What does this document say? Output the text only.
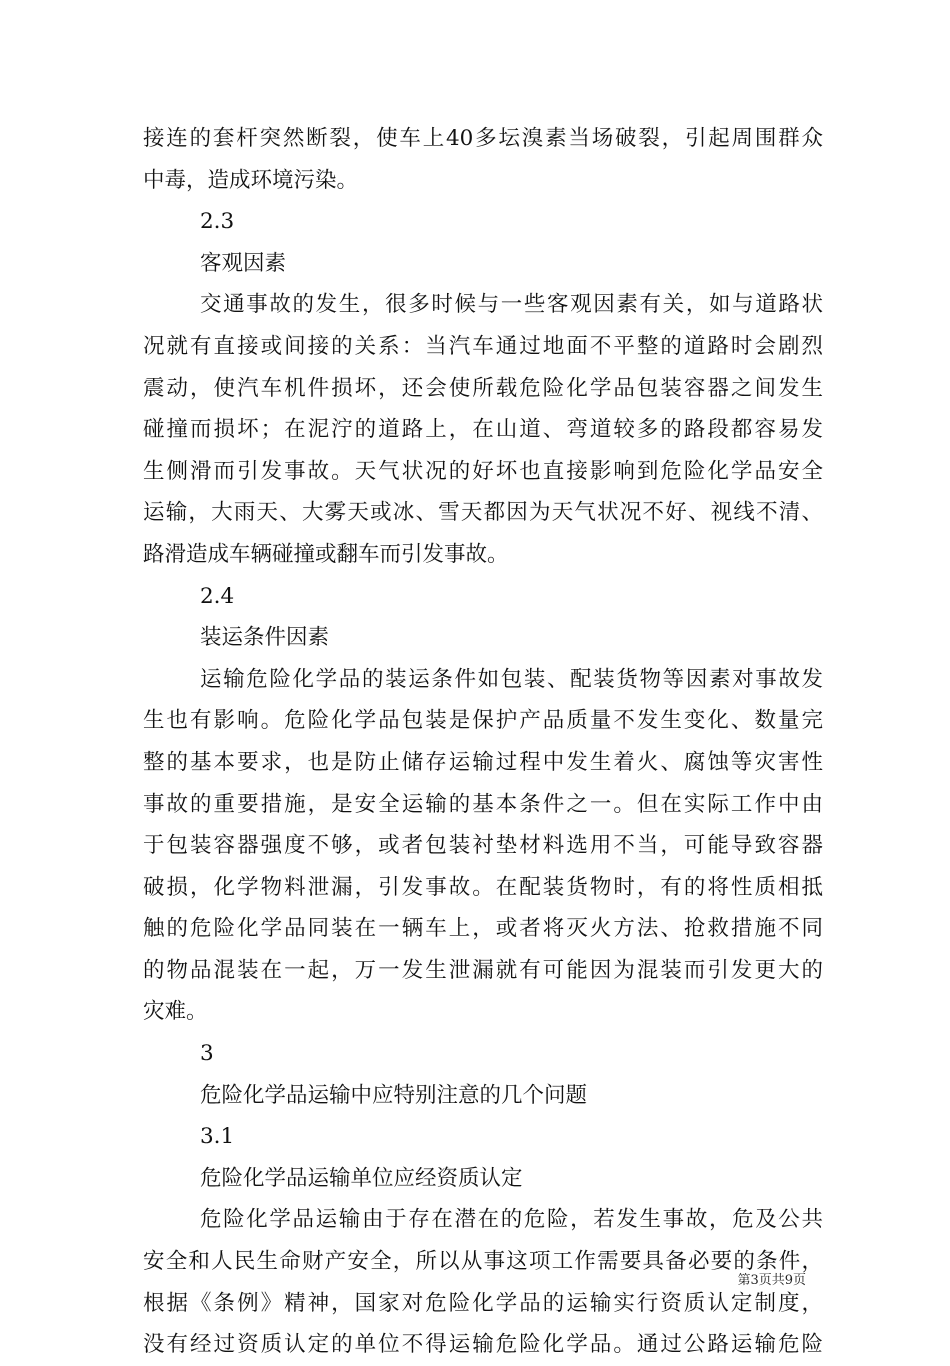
接连的套杆突然断裂，使车上40多坛溴素当场破裂，引起周围群众
中毒，造成环境污染。
2.3
客观因素
交通事故的发生，很多时候与一些客观因素有关，如与道路状
况就有直接或间接的关系：当汽车通过地面不平整的道路时会剧烈
震动，使汽车机件损坏，还会使所载危险化学品包装容器之间发生
碰撞而损坏；在泥泞的道路上，在山道、弯道较多的路段都容易发
生侧滑而引发事故。天气状况的好坏也直接影响到危险化学品安全
运输，大雨天、大雾天或冰、雪天都因为天气状况不好、视线不清、
路滑造成车辆碰撞或翻车而引发事故。
2.4
装运条件因素
运输危险化学品的装运条件如包装、配装货物等因素对事故发
生也有影响。危险化学品包装是保护产品质量不发生变化、数量完
整的基本要求，也是防止储存运输过程中发生着火、腐蚀等灾害性
事故的重要措施，是安全运输的基本条件之一。但在实际工作中由
于包装容器强度不够，或者包装衬垫材料选用不当，可能导致容器
破损，化学物料泄漏，引发事故。在配装货物时，有的将性质相抵
触的危险化学品同装在一辆车上，或者将灭火方法、抢救措施不同
的物品混装在一起，万一发生泄漏就有可能因为混装而引发更大的
灾难。
3
危险化学品运输中应特别注意的几个问题
3.1
危险化学品运输单位应经资质认定
危险化学品运输由于存在潜在的危险，若发生事故，危及公共
安全和人民生命财产安全，所以从事这项工作需要具备必要的条件，
根据《条例》精神，国家对危险化学品的运输实行资质认定制度，
没有经过资质认定的单位不得运输危险化学品。通过公路运输危险
第3页共9页
